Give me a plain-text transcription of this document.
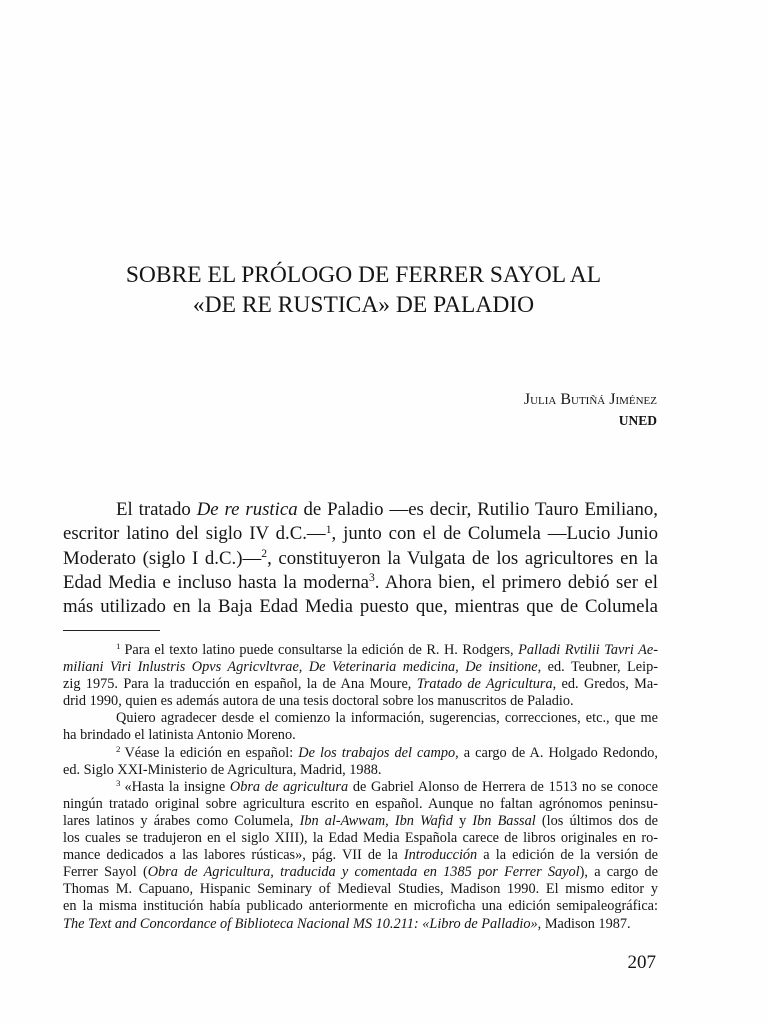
SOBRE EL PRÓLOGO DE FERRER SAYOL AL
«DE RE RUSTICA» DE PALADIO
Julia Butiñá Jiménez
UNED
El tratado De re rustica de Paladio —es decir, Rutilio Tauro Emiliano,
escritor latino del siglo IV d.C.—$^1$, junto con el de Columela —Lucio Junio
Moderato (siglo I d.C.)—$^2$, constituyeron la Vulgata de los agricultores en la
Edad Media e incluso hasta la moderna$^3$. Ahora bien, el primero debió ser el
más utilizado en la Baja Edad Media puesto que, mientras que de Columela
$^1$ Para el texto latino puede consultarse la edición de R. H. Rodgers, Palladi Rvtilii Tavri Ae-
miliani Viri Inlustris Opvs Agricvltvrae, De Veterinaria medicina, De insitione, ed. Teubner, Leip-
zig 1975. Para la traducción en español, la de Ana Moure, Tratado de Agricultura, ed. Gredos, Ma-
drid 1990, quien es además autora de una tesis doctoral sobre los manuscritos de Paladio.
Quiero agradecer desde el comienzo la información, sugerencias, correcciones, etc., que me
ha brindado el latinista Antonio Moreno.
$^2$ Véase la edición en español: De los trabajos del campo, a cargo de A. Holgado Redondo,
ed. Siglo XXI-Ministerio de Agricultura, Madrid, 1988.
$^3$ «Hasta la insigne Obra de agricultura de Gabriel Alonso de Herrera de 1513 no se conoce
ningún tratado original sobre agricultura escrito en español. Aunque no faltan agrónomos peninsu-
lares latinos y árabes como Columela, Ibn al-Awwam, Ibn Wafid y Ibn Bassal (los últimos dos de
los cuales se tradujeron en el siglo XIII), la Edad Media Española carece de libros originales en ro-
mance dedicados a las labores rústicas», pág. VII de la Introducción a la edición de la versión de
Ferrer Sayol (Obra de Agricultura, traducida y comentada en 1385 por Ferrer Sayol), a cargo de
Thomas M. Capuano, Hispanic Seminary of Medieval Studies, Madison 1990. El mismo editor y
en la misma institución había publicado anteriormente en microficha una edición semipaleográfica:
The Text and Concordance of Biblioteca Nacional MS 10.211: «Libro de Palladio», Madison 1987.
207
